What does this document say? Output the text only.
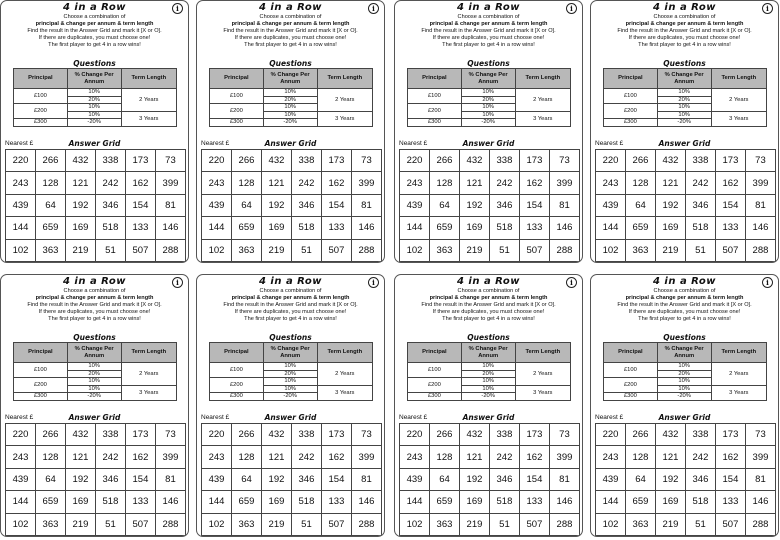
4 in a Row	i
Choose a combination of
principal & change per annum & term length
Find the result in the Answer Grid and mark it [X or O].
If there are duplicates, you must choose one!
The first player to get 4 in a row wins!
Questions
Principal	% Change Per Annum	Term Length
£100	10%	2 Years
	20%	
£200	10%	
	10%	3 Years
£300	-20%	
Nearest £	Answer Grid
220	266	432	338	173	73
243	128	121	242	162	399
439	64	192	346	154	81
144	659	169	518	133	146
102	363	219	51	507	288
4 in a Row	i
Choose a combination of
principal & change per annum & term length
Find the result in the Answer Grid and mark it [X or O].
If there are duplicates, you must choose one!
The first player to get 4 in a row wins!
Questions
Principal	% Change Per Annum	Term Length
£100	10%	2 Years
	20%	
£200	10%	
	10%	3 Years
£300	-20%	
Nearest £	Answer Grid
220	266	432	338	173	73
243	128	121	242	162	399
439	64	192	346	154	81
144	659	169	518	133	146
102	363	219	51	507	288
4 in a Row	i
Choose a combination of
principal & change per annum & term length
Find the result in the Answer Grid and mark it [X or O].
If there are duplicates, you must choose one!
The first player to get 4 in a row wins!
Questions
Principal	% Change Per Annum	Term Length
£100	10%	2 Years
	20%	
£200	10%	
	10%	3 Years
£300	-20%	
Nearest £	Answer Grid
220	266	432	338	173	73
243	128	121	242	162	399
439	64	192	346	154	81
144	659	169	518	133	146
102	363	219	51	507	288
4 in a Row	i
Choose a combination of
principal & change per annum & term length
Find the result in the Answer Grid and mark it [X or O].
If there are duplicates, you must choose one!
The first player to get 4 in a row wins!
Questions
Principal	% Change Per Annum	Term Length
£100	10%	2 Years
	20%	
£200	10%	
	10%	3 Years
£300	-20%	
Nearest £	Answer Grid
220	266	432	338	173	73
243	128	121	242	162	399
439	64	192	346	154	81
144	659	169	518	133	146
102	363	219	51	507	288
4 in a Row	i
Choose a combination of
principal & change per annum & term length
Find the result in the Answer Grid and mark it [X or O].
If there are duplicates, you must choose one!
The first player to get 4 in a row wins!
Questions
Principal	% Change Per Annum	Term Length
£100	10%	2 Years
	20%	
£200	10%	
	10%	3 Years
£300	-20%	
Nearest £	Answer Grid
220	266	432	338	173	73
243	128	121	242	162	399
439	64	192	346	154	81
144	659	169	518	133	146
102	363	219	51	507	288
4 in a Row	i
Choose a combination of
principal & change per annum & term length
Find the result in the Answer Grid and mark it [X or O].
If there are duplicates, you must choose one!
The first player to get 4 in a row wins!
Questions
Principal	% Change Per Annum	Term Length
£100	10%	2 Years
	20%	
£200	10%	
	10%	3 Years
£300	-20%	
Nearest £	Answer Grid
220	266	432	338	173	73
243	128	121	242	162	399
439	64	192	346	154	81
144	659	169	518	133	146
102	363	219	51	507	288
4 in a Row	i
Choose a combination of
principal & change per annum & term length
Find the result in the Answer Grid and mark it [X or O].
If there are duplicates, you must choose one!
The first player to get 4 in a row wins!
Questions
Principal	% Change Per Annum	Term Length
£100	10%	2 Years
	20%	
£200	10%	
	10%	3 Years
£300	-20%	
Nearest £	Answer Grid
220	266	432	338	173	73
243	128	121	242	162	399
439	64	192	346	154	81
144	659	169	518	133	146
102	363	219	51	507	288
4 in a Row	i
Choose a combination of
principal & change per annum & term length
Find the result in the Answer Grid and mark it [X or O].
If there are duplicates, you must choose one!
The first player to get 4 in a row wins!
Questions
Principal	% Change Per Annum	Term Length
£100	10%	2 Years
	20%	
£200	10%	
	10%	3 Years
£300	-20%	
Nearest £	Answer Grid
220	266	432	338	173	73
243	128	121	242	162	399
439	64	192	346	154	81
144	659	169	518	133	146
102	363	219	51	507	288
